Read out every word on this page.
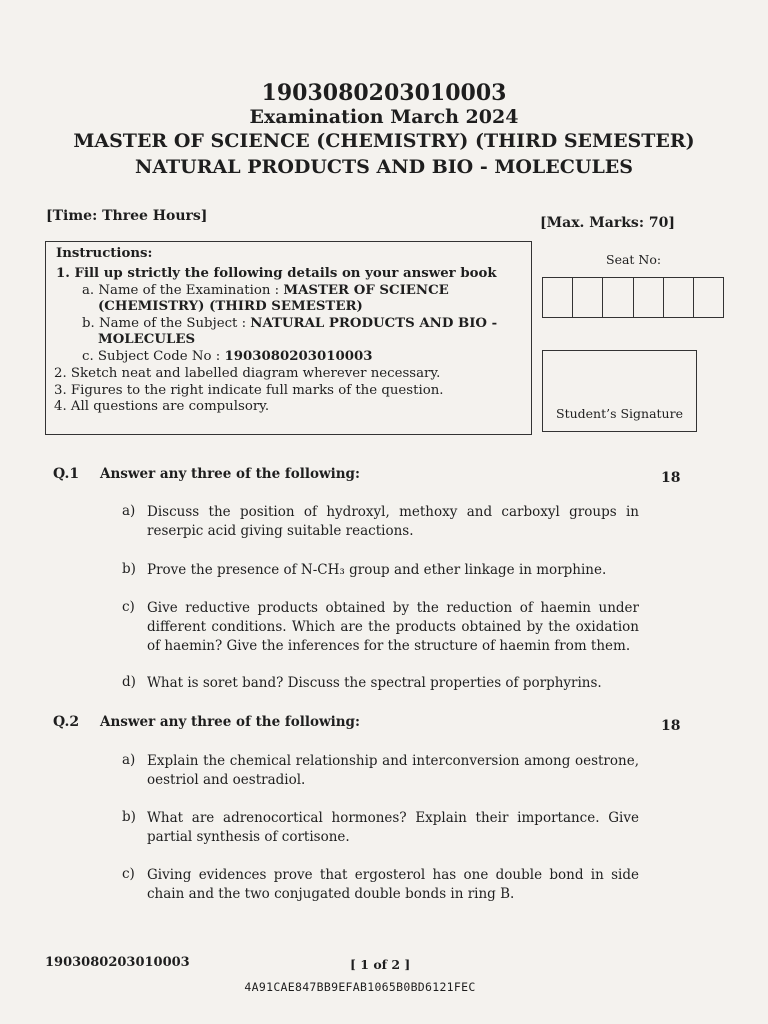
1903080203010003
Examination March 2024
MASTER OF SCIENCE (CHEMISTRY) (THIRD SEMESTER)
NATURAL PRODUCTS AND BIO - MOLECULES
[Time: Three Hours]	[Max. Marks: 70]
Instructions:
1. Fill up strictly the following details on your answer book
a. Name of the Examination : MASTER OF SCIENCE
(CHEMISTRY) (THIRD SEMESTER)
b. Name of the Subject : NATURAL PRODUCTS AND BIO -
MOLECULES
c. Subject Code No : 1903080203010003
2. Sketch neat and labelled diagram wherever necessary.
3. Figures to the right indicate full marks of the question.
4. All questions are compulsory.
Seat No:
Student’s Signature
Q.1 Answer any three of the following:	18
a) Discuss the position of hydroxyl, methoxy and carboxyl groups in reserpic acid giving suitable reactions.
b) Prove the presence of N-CH₃ group and ether linkage in morphine.
c) Give reductive products obtained by the reduction of haemin under different conditions. Which are the products obtained by the oxidation of haemin? Give the inferences for the structure of haemin from them.
d) What is soret band? Discuss the spectral properties of porphyrins.
Q.2 Answer any three of the following:	18
a) Explain the chemical relationship and interconversion among oestrone, oestriol and oestradiol.
b) What are adrenocortical hormones? Explain their importance. Give partial synthesis of cortisone.
c) Giving evidences prove that ergosterol has one double bond in side chain and the two conjugated double bonds in ring B.
1903080203010003	[ 1 of 2 ]
4A91CAE847BB9EFAB1065B0BD6121FEC
